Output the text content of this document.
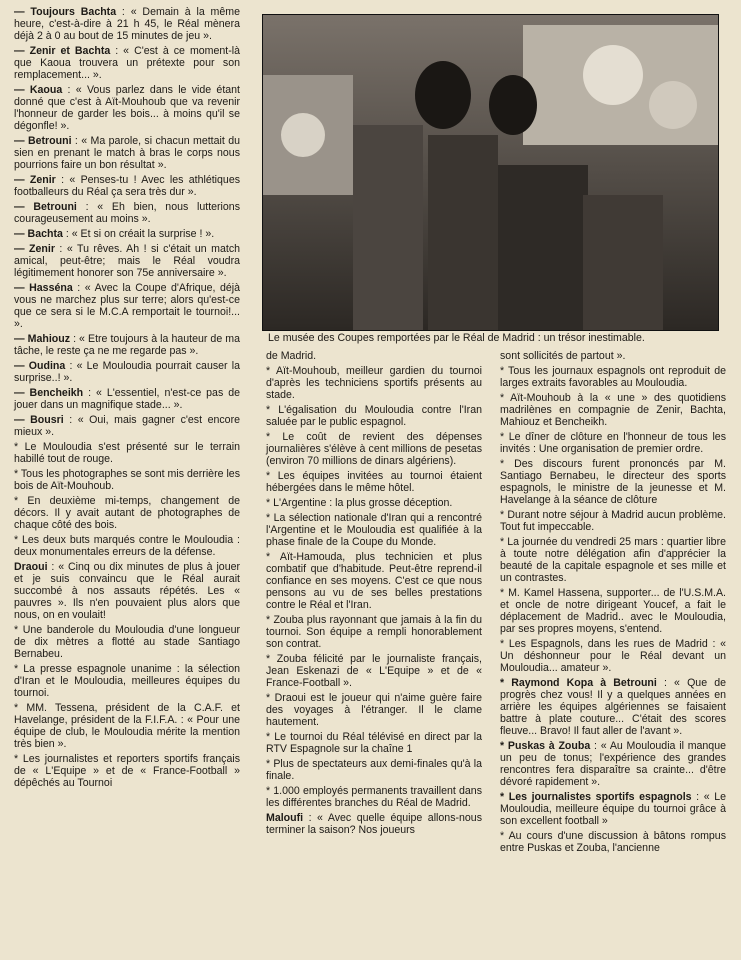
— Toujours Bachta : « Demain à la même heure, c'est-à-dire à 21 h 45, le Réal mènera déjà 2 à 0 au bout de 15 minutes de jeu ».

— Zenir et Bachta : « C'est à ce moment-là que Kaoua trouvera un prétexte pour son remplacement... ».

— Kaoua : « Vous parlez dans le vide étant donné que c'est à Aït-Mouhoub que va revenir l'honneur de garder les bois... à moins qu'il se dégonfle! ».

— Betrouni : « Ma parole, si chacun mettait du sien en prenant le match à bras le corps nous pourrions faire un bon résultat ».

— Zenir : « Penses-tu ! Avec les athlétiques footballeurs du Réal ça sera très dur ».

— Betrouni : « Eh bien, nous lutterions courageusement au moins ».

— Bachta : « Et si on créait la surprise ! ».

— Zenir : « Tu rêves. Ah ! si c'était un match amical, peut-être; mais le Réal voudra légitimement honorer son 75e anniversaire ».

— Hasséna : « Avec la Coupe d'Afrique, déjà vous ne marchez plus sur terre; alors qu'est-ce que ce sera si le M.C.A remportait le tournoi!... ».

— Mahiouz : « Etre toujours à la hauteur de ma tâche, le reste ça ne me regarde pas ».

— Oudina : « Le Mouloudia pourrait causer la surprise..! ».

— Bencheikh : « L'essentiel, n'est-ce pas de jouer dans un magnifique stade... ».

— Bousri : « Oui, mais gagner c'est encore mieux ».

* Le Mouloudia s'est présenté sur le terrain habillé tout de rouge.

* Tous les photographes se sont mis derrière les bois de Aït-Mouhoub.

* En deuxième mi-temps, changement de décors. Il y avait autant de photographes de chaque côté des bois.

* Les deux buts marqués contre le Mouloudia : deux monumentales erreurs de la défense.

Draoui : « Cinq ou dix minutes de plus à jouer et je suis convaincu que le Réal aurait succombé à nos assauts répétés. Les « pauvres ». Ils n'en pouvaient plus alors que nous, on en voulait!

* Une banderole du Mouloudia d'une longueur de dix mètres a flotté au stade Santiago Bernabeu.

* La presse espagnole unanime : la sélection d'Iran et le Mouloudia, meilleures équipes du tournoi.

* MM. Tessena, président de la C.A.F. et Havelange, président de la F.I.F.A. : « Pour une équipe de club, le Mouloudia mérite la mention très bien ».

* Les journalistes et reporters sportifs français de « L'Equipe » et de « France-Football » dépêchés au Tournoi

Le musée des Coupes remportées par le Réal de Madrid : un trésor inestimable.

de Madrid.

* Aït-Mouhoub, meilleur gardien du tournoi d'après les techniciens sportifs présents au stade.

* L'égalisation du Mouloudia contre l'Iran saluée par le public espagnol.

* Le coût de revient des dépenses journalières s'élève à cent millions de pesetas (environ 70 millions de dinars algériens).

* Les équipes invitées au tournoi étaient hébergées dans le même hôtel.

* L'Argentine : la plus grosse déception.

* La sélection nationale d'Iran qui a rencontré l'Argentine et le Mouloudia est qualifiée à la phase finale de la Coupe du Monde.

* Aït-Hamouda, plus technicien et plus combatif que d'habitude. Peut-être reprend-il confiance en ses moyens. C'est ce que nous pensons au vu de ses belles prestations contre le Réal et l'Iran.

* Zouba plus rayonnant que jamais à la fin du tournoi. Son équipe a rempli honorablement son contrat.

* Zouba félicité par le journaliste français, Jean Eskenazi de « L'Equipe » et de « France-Football ».

* Draoui est le joueur qui n'aime guère faire des voyages à l'étranger. Il le clame hautement.

* Le tournoi du Réal télévisé en direct par la RTV Espagnole sur la chaîne 1

* Plus de spectateurs aux demi-finales qu'à la finale.

* 1.000 employés permanents travaillent dans les différentes branches du Réal de Madrid.

Maloufi : « Avec quelle équipe allons-nous terminer la saison? Nos joueurs

sont sollicités de partout ».

* Tous les journaux espagnols ont reproduit de larges extraits favorables au Mouloudia.

* Aït-Mouhoub à la « une » des quotidiens madrilènes en compagnie de Zenir, Bachta, Mahiouz et Bencheikh.

* Le dîner de clôture en l'honneur de tous les invités : Une organisation de premier ordre.

* Des discours furent prononcés par M. Santiago Bernabeu, le directeur des sports espagnols, le ministre de la jeunesse et M. Havelange à la séance de clôture

* Durant notre séjour à Madrid aucun problème. Tout fut impeccable.

* La journée du vendredi 25 mars : quartier libre à toute notre délégation afin d'apprécier la beauté de la capitale espagnole et ses mille et un contrastes.

* M. Kamel Hassena, supporter... de l'U.S.M.A. et oncle de notre dirigeant Youcef, a fait le déplacement de Madrid.. avec le Mouloudia, par ses propres moyens, s'entend.

* Les Espagnols, dans les rues de Madrid : « Un déshonneur pour le Réal devant un Mouloudia... amateur ».

* Raymond Kopa à Betrouni : « Que de progrès chez vous! Il y a quelques années en arrière les équipes algériennes se faisaient battre à plate couture... C'était des scores fleuve... Bravo! Il faut aller de l'avant ».

* Puskas à Zouba : « Au Mouloudia il manque un peu de tonus; l'expérience des grandes rencontres fera disparaître sa crainte... d'être dévoré rapidement ».

* Les journalistes sportifs espagnols : « Le Mouloudia, meilleure équipe du tournoi grâce à son excellent football »

* Au cours d'une discussion à bâtons rompus entre Puskas et Zouba, l'ancienne
